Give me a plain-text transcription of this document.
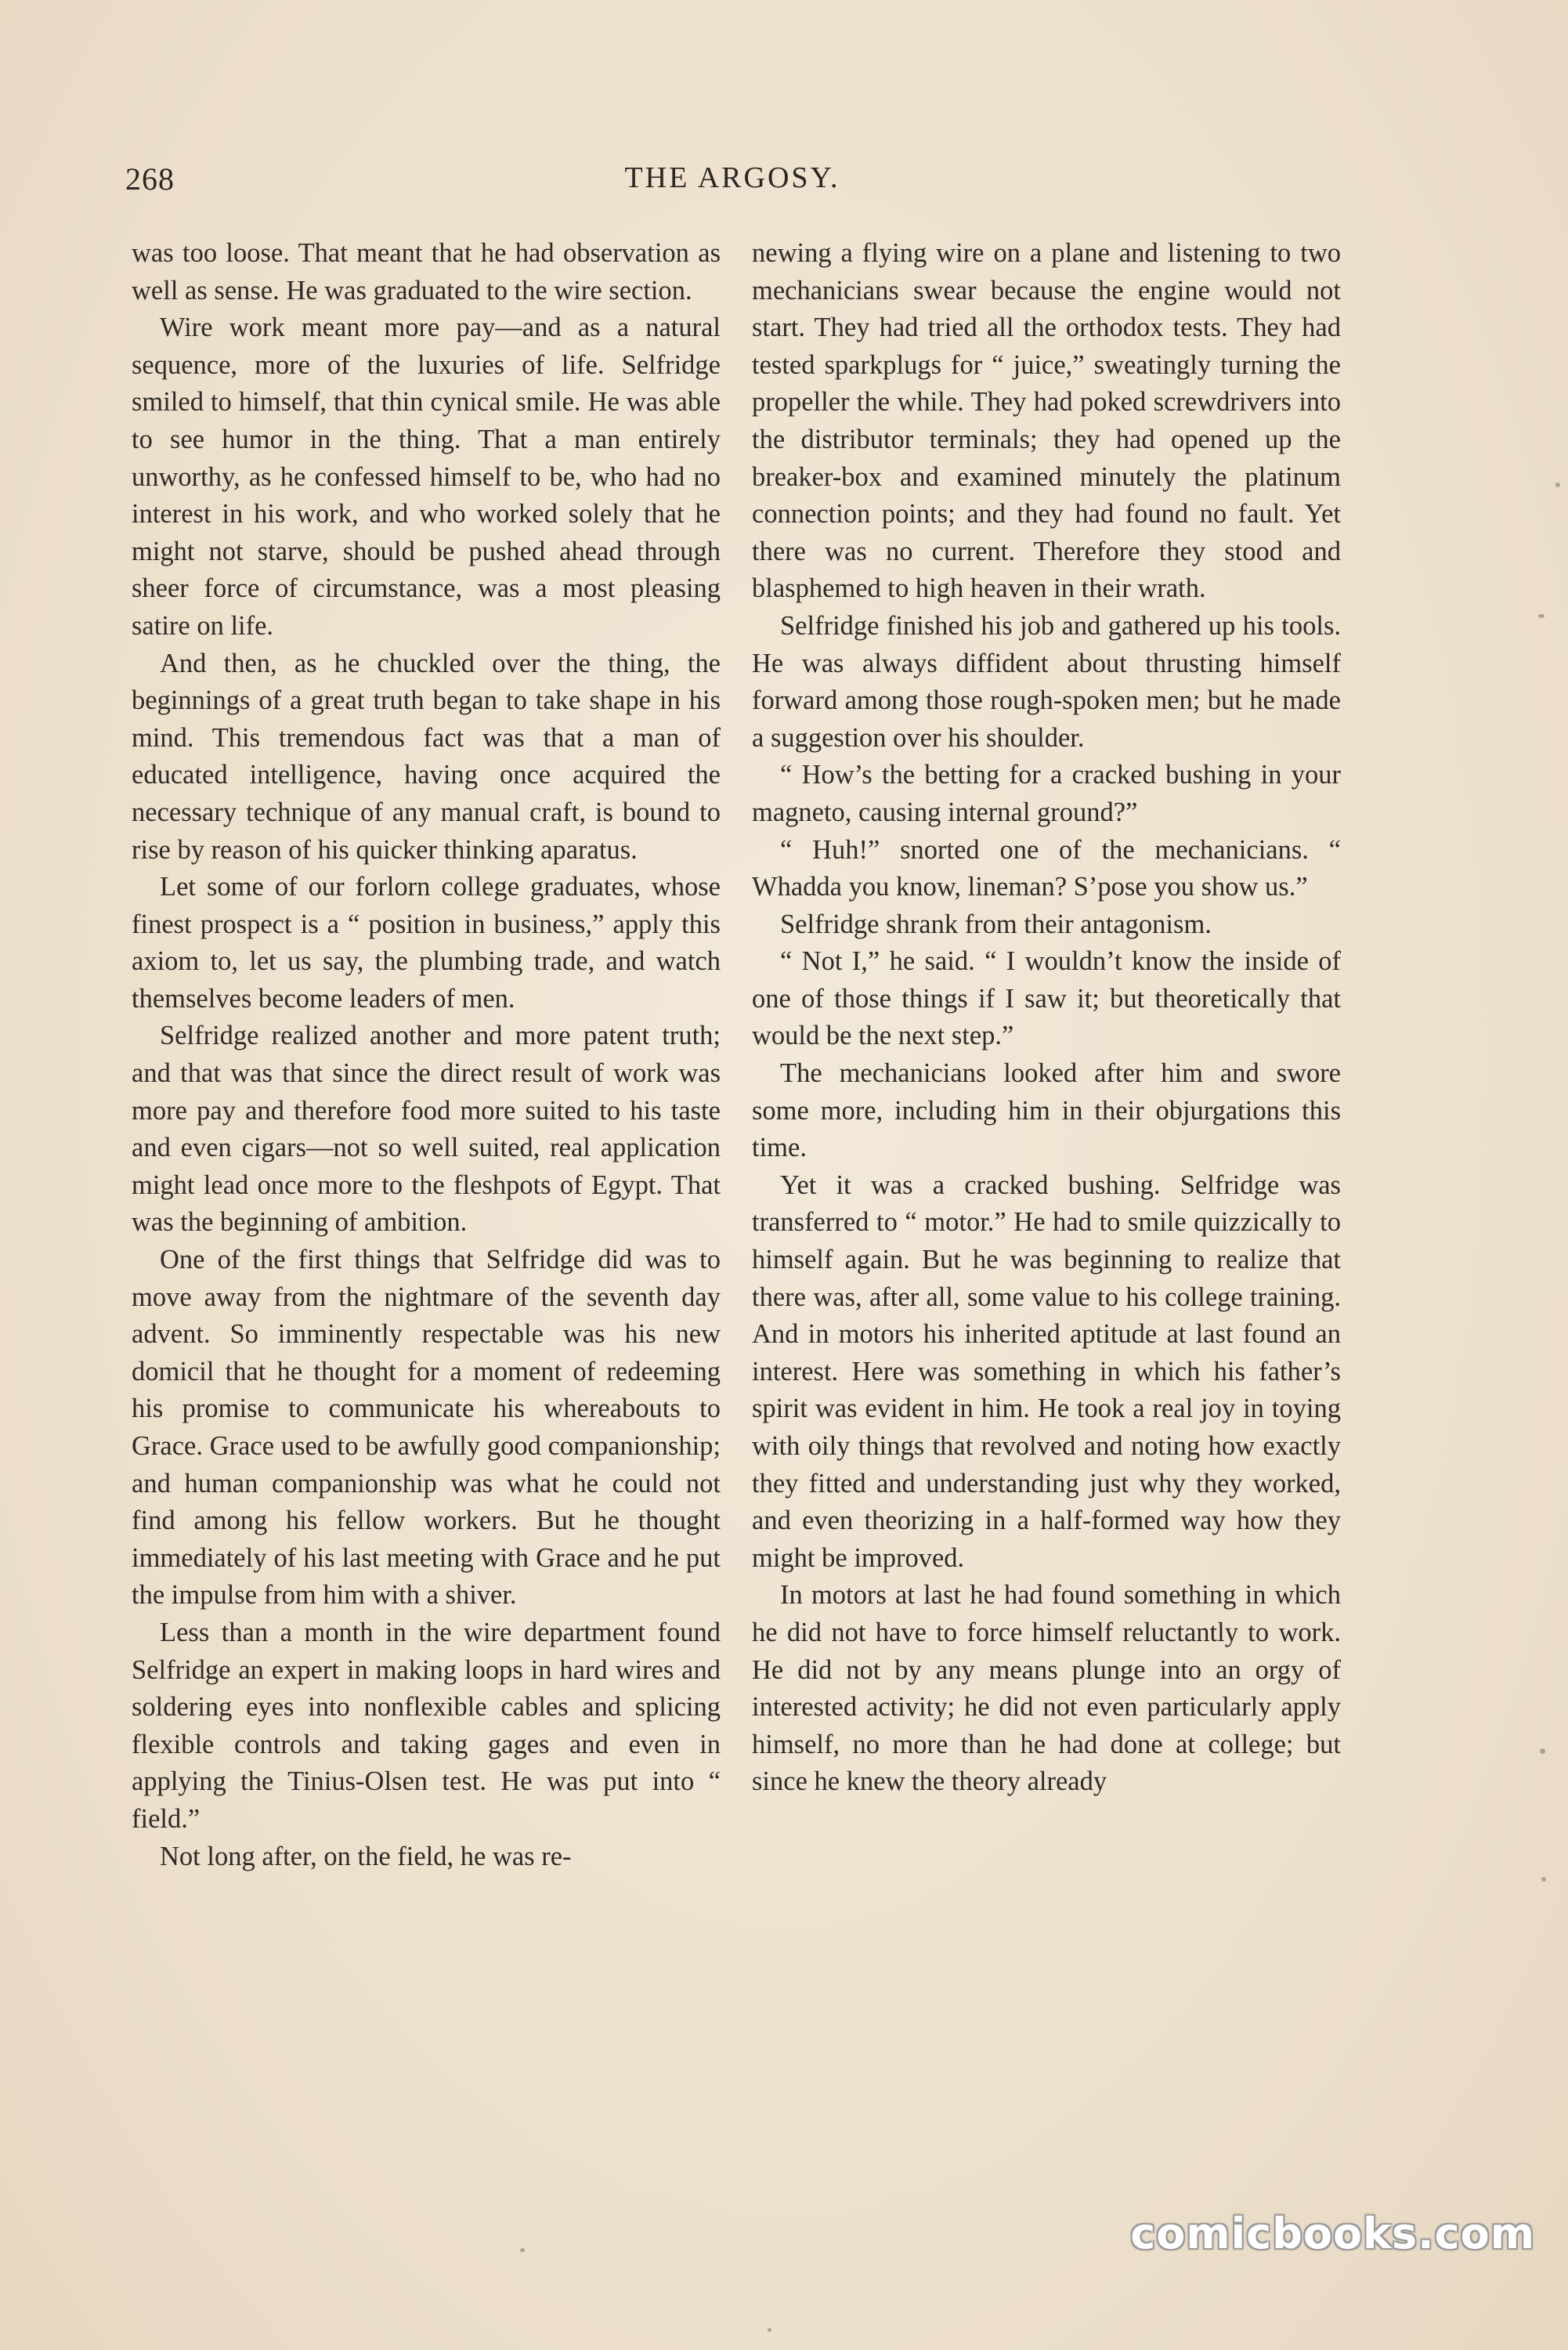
268	THE ARGOSY.

was too loose. That meant that he had observation as well as sense. He was graduated to the wire section.

Wire work meant more pay—and as a natural sequence, more of the luxuries of life. Selfridge smiled to himself, that thin cynical smile. He was able to see humor in the thing. That a man entirely unworthy, as he confessed himself to be, who had no interest in his work, and who worked solely that he might not starve, should be pushed ahead through sheer force of circumstance, was a most pleasing satire on life.

And then, as he chuckled over the thing, the beginnings of a great truth began to take shape in his mind. This tremendous fact was that a man of educated intelligence, having once acquired the necessary technique of any manual craft, is bound to rise by reason of his quicker thinking aparatus.

Let some of our forlorn college graduates, whose finest prospect is a “ position in business,” apply this axiom to, let us say, the plumbing trade, and watch themselves become leaders of men.

Selfridge realized another and more patent truth; and that was that since the direct result of work was more pay and therefore food more suited to his taste and even cigars—not so well suited, real application might lead once more to the fleshpots of Egypt. That was the beginning of ambition.

One of the first things that Selfridge did was to move away from the nightmare of the seventh day advent. So imminently respectable was his new domicil that he thought for a moment of redeeming his promise to communicate his whereabouts to Grace. Grace used to be awfully good companionship; and human companionship was what he could not find among his fellow workers. But he thought immediately of his last meeting with Grace and he put the impulse from him with a shiver.

Less than a month in the wire department found Selfridge an expert in making loops in hard wires and soldering eyes into nonflexible cables and splicing flexible controls and taking gages and even in applying the Tinius-Olsen test. He was put into “ field.”

Not long after, on the field, he was re-

newing a flying wire on a plane and listening to two mechanicians swear because the engine would not start. They had tried all the orthodox tests. They had tested sparkplugs for “ juice,” sweatingly turning the propeller the while. They had poked screwdrivers into the distributor terminals; they had opened up the breaker-box and examined minutely the platinum connection points; and they had found no fault. Yet there was no current. Therefore they stood and blasphemed to high heaven in their wrath.

Selfridge finished his job and gathered up his tools. He was always diffident about thrusting himself forward among those rough-spoken men; but he made a suggestion over his shoulder.

“ How’s the betting for a cracked bushing in your magneto, causing internal ground?”

“ Huh!” snorted one of the mechanicians. “ Whadda you know, lineman? S’pose you show us.”

Selfridge shrank from their antagonism.

“ Not I,” he said. “ I wouldn’t know the inside of one of those things if I saw it; but theoretically that would be the next step.”

The mechanicians looked after him and swore some more, including him in their objurgations this time.

Yet it was a cracked bushing. Selfridge was transferred to “ motor.” He had to smile quizzically to himself again. But he was beginning to realize that there was, after all, some value to his college training. And in motors his inherited aptitude at last found an interest. Here was something in which his father’s spirit was evident in him. He took a real joy in toying with oily things that revolved and noting how exactly they fitted and understanding just why they worked, and even theorizing in a half-formed way how they might be improved.

In motors at last he had found something in which he did not have to force himself reluctantly to work. He did not by any means plunge into an orgy of interested activity; he did not even particularly apply himself, no more than he had done at college; but since he knew the theory already

comicbooks.com
